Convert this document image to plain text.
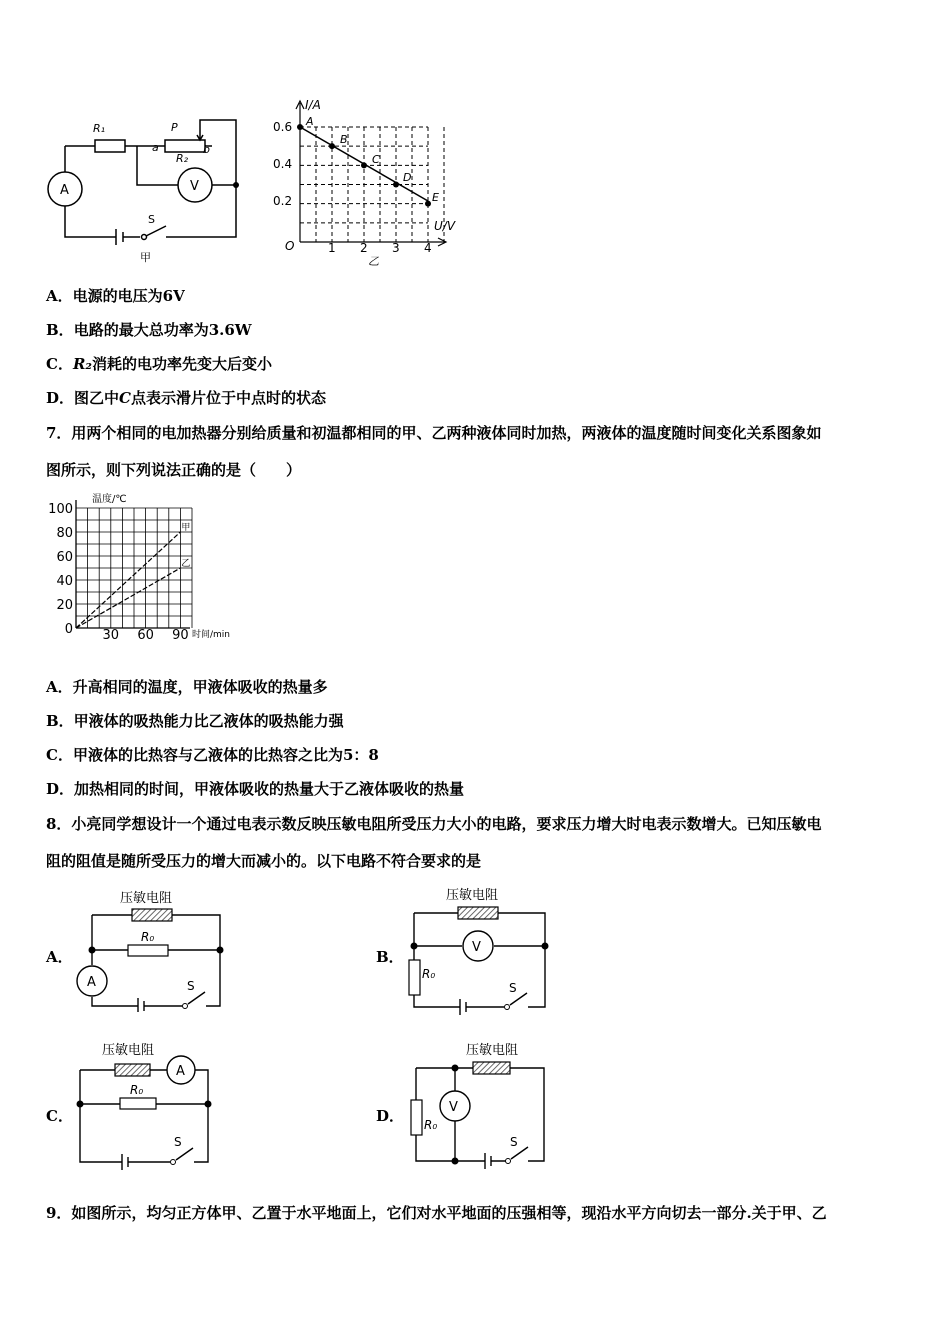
R₁	P
a	b
R₂
A	V
S
甲
I/A
U/V
O
0.6
0.4
0.2
1 2 3 4
A
B
C
D
E
乙
A．电源的电压为6V
B．电路的最大总功率为3.6W
C．R₂消耗的电功率先变大后变小
D．图乙中C点表示滑片位于中点时的状态
7．用两个相同的电加热器分别给质量和初温都相同的甲、乙两种液体同时加热，两液体的温度随时间变化关系图象如
图所示，则下列说法正确的是（　　）
甲
乙
100
80
60
40
20
0 30 60 90
温度/℃
时间/min
A．升高相同的温度，甲液体吸收的热量多
B．甲液体的吸热能力比乙液体的吸热能力强
C．甲液体的比热容与乙液体的比热容之比为5：8
D．加热相同的时间，甲液体吸收的热量大于乙液体吸收的热量
8．小亮同学想设计一个通过电表示数反映压敏电阻所受压力大小的电路，要求压力增大时电表示数增大。已知压敏电
阻的阻值是随所受压力的增大而减小的。以下电路不符合要求的是
A．	B．
C．	D．
压敏电阻
R₀
A	S
压敏电阻
R₀
V
S
压敏电阻
R₀
A
S
压敏电阻
R₀
V
S
9．如图所示，均匀正方体甲、乙置于水平地面上，它们对水平地面的压强相等，现沿水平方向切去一部分.关于甲、乙
